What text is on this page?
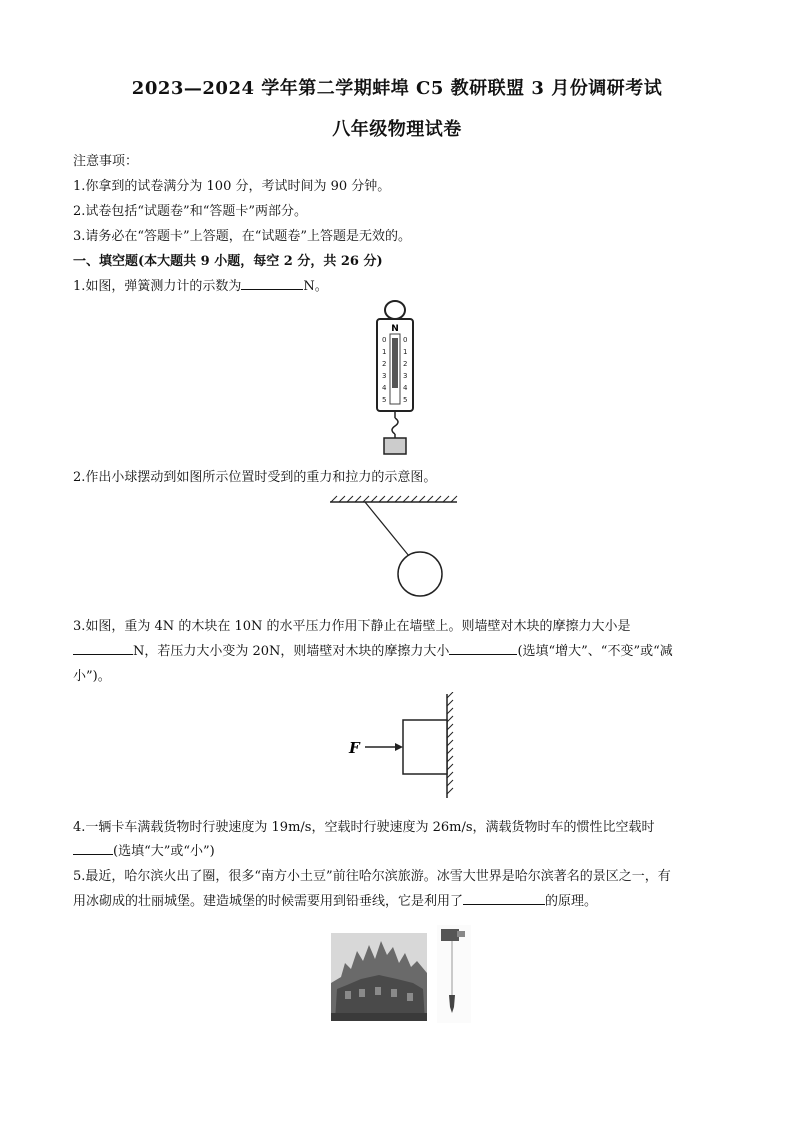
2023—2024 学年第二学期蚌埠 C5 教研联盟 3 月份调研考试
八年级物理试卷
注意事项：
1.你拿到的试卷满分为 100 分，考试时间为 90 分钟。
2.试卷包括“试题卷”和“答题卡”两部分。
3.请务必在“答题卡”上答题，在“试题卷”上答题是无效的。
一、填空题(本大题共 9 小题，每空 2 分，共 26 分)
1.如图，弹簧测力计的示数为	N。
N
0
1
2
3
4
5
0
1
2
3
4
5
2.作出小球摆动到如图所示位置时受到的重力和拉力的示意图。
3.如图，重为 4N 的木块在 10N 的水平压力作用下静止在墙壁上。则墙壁对木块的摩擦力大小是
N，若压力大小变为 20N，则墙壁对木块的摩擦力大小	(选填“增大”、“不变”或“减
小”)。
F
4.一辆卡车满载货物时行驶速度为 19m/s，空载时行驶速度为 26m/s，满载货物时车的惯性比空载时
(选填“大”或“小”)
5.最近，哈尔滨火出了圈，很多“南方小土豆”前往哈尔滨旅游。冰雪大世界是哈尔滨著名的景区之一，有
用冰砌成的壮丽城堡。建造城堡的时候需要用到铅垂线，它是利用了	的原理。
